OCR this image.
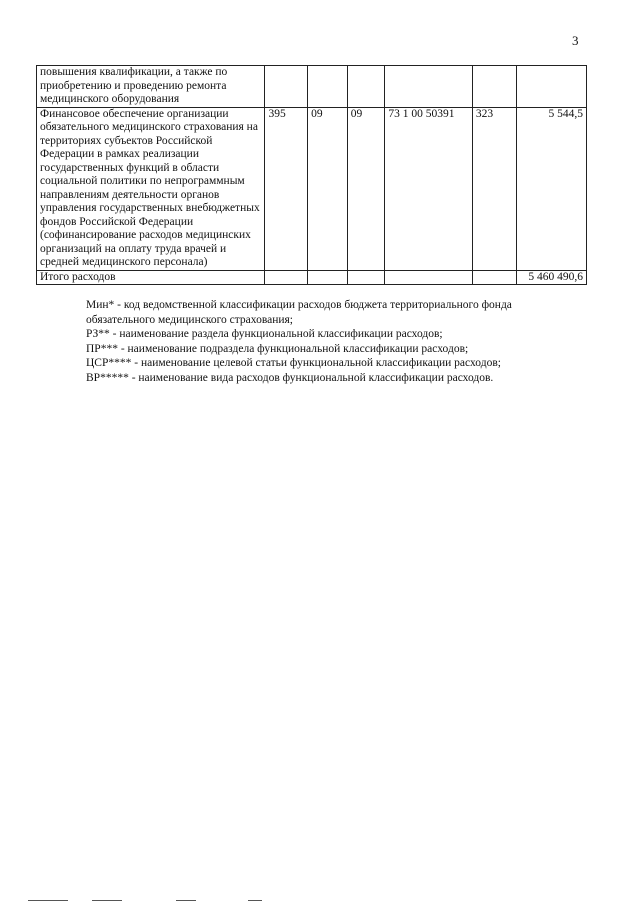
3
повышения квалификации, а также по приобретению и проведению ремонта медицинского оборудования						
Финансовое обеспечение организации обязательного медицинского страхования на территориях субъектов Российской Федерации в рамках реализации государственных функций в области социальной политики по непрограммным направлениям деятельности органов управления государственных внебюджетных фондов Российской Федерации (софинансирование расходов медицинских организаций на оплату труда врачей и средней медицинского персонала)	395	09	09	73 1 00 50391	323	5 544,5
Итого расходов						5 460 490,6

Мин* - код ведомственной классификации расходов бюджета территориального фонда обязательного медицинского страхования;

РЗ** - наименование раздела функциональной классификации расходов;

ПР*** - наименование подраздела функциональной классификации расходов;

ЦСР**** - наименование целевой статьи функциональной классификации расходов;

ВР***** - наименование вида расходов функциональной классификации расходов.
